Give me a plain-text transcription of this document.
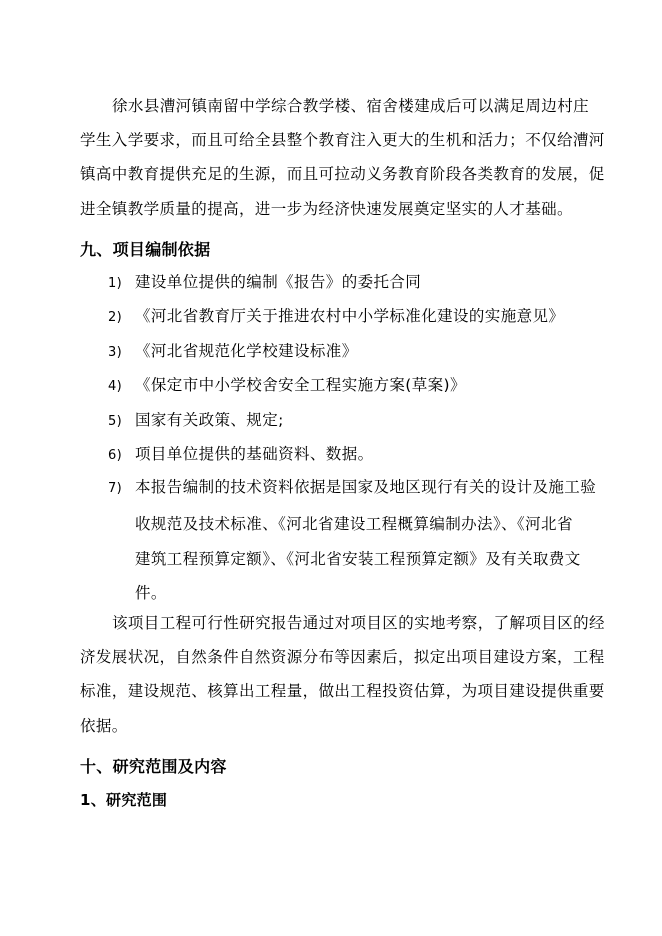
徐水县漕河镇南留中学综合教学楼、宿舍楼建成后可以满足周边村庄
学生入学要求，而且可给全县整个教育注入更大的生机和活力；不仅给漕河
镇高中教育提供充足的生源，而且可拉动义务教育阶段各类教育的发展，促
进全镇教学质量的提高，进一步为经济快速发展奠定坚实的人才基础。

九、项目编制依据

1) 建设单位提供的编制《报告》的委托合同

2) 《河北省教育厅关于推进农村中小学标准化建设的实施意见》

3) 《河北省规范化学校建设标准》

4) 《保定市中小学校舍安全工程实施方案(草案)》

5) 国家有关政策、规定;

6) 项目单位提供的基础资料、数据。

7) 本报告编制的技术资料依据是国家及地区现行有关的设计及施工验
收规范及技术标准、《河北省建设工程概算编制办法》、《河北省
建筑工程预算定额》、《河北省安装工程预算定额》及有关取费文
件。

该项目工程可行性研究报告通过对项目区的实地考察，了解项目区的经
济发展状况，自然条件自然资源分布等因素后，拟定出项目建设方案，工程
标准，建设规范、核算出工程量，做出工程投资估算，为项目建设提供重要
依据。

十、研究范围及内容
1、研究范围
